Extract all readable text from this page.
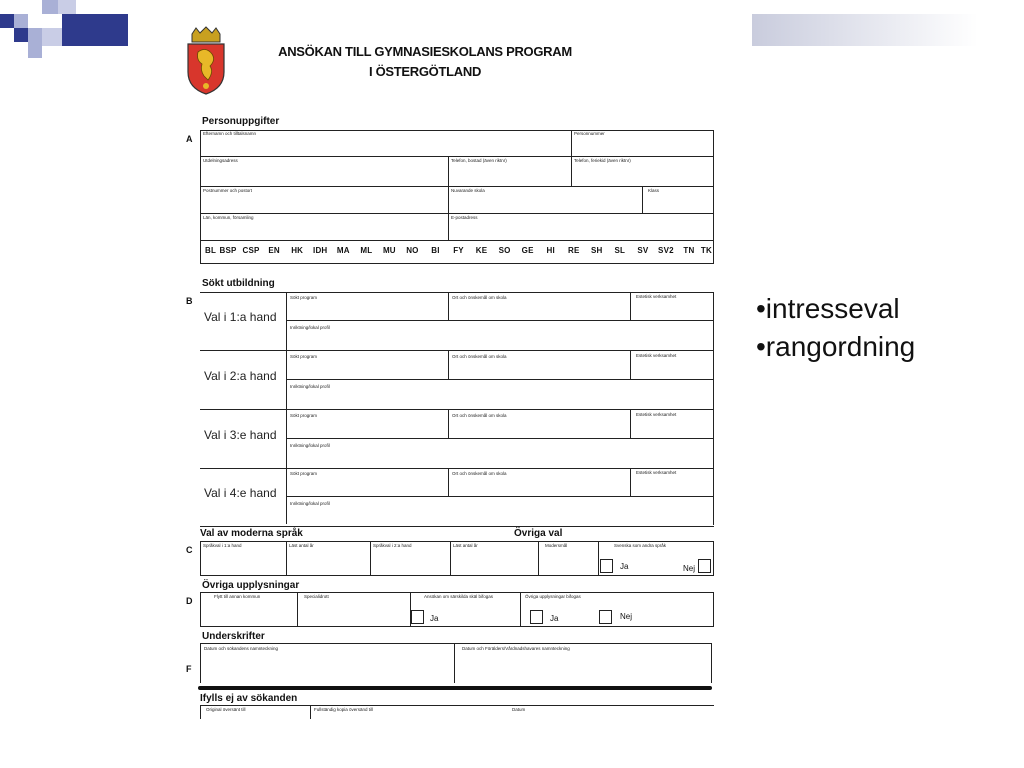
ANSÖKAN TILL GYMNASIESKOLANS PROGRAM
I ÖSTERGÖTLAND
Personuppgifter
A
Efternamn och tilltalsnamn	Personnummer
Utdelningsadress	Telefon, bostad (även riktnr)	Telefon, feriekid (även riktnr)
Postnummer och postort	Nuvarande skola	Klass
Län, kommun, församling	E-postadress
BL BSP CSP EN HK IDH MA ML MU NO BI FY KE SO GE HI RE SH SL SV SV2 TN TK
Sökt utbildning
B
Val i 1:a hand
Sökt program	Ort och önskemål om skola	Estetisk verksamhet
Inriktning/lokal profil
Val i 2:a hand
Sökt program	Ort och önskemål om skola	Estetisk verksamhet
Inriktning/lokal profil
Val i 3:e hand
Sökt program	Ort och önskemål om skola	Estetisk verksamhet
Inriktning/lokal profil
Val i 4:e hand
Sökt program	Ort och önskemål om skola	Estetisk verksamhet
Inriktning/lokal profil
Val av moderna språk	Övriga val
C Språkval i 1:a hand	Läst antal år	Språkval i 2:a hand	Läst antal år	Modersmål	Svenska som andra språk
Ja	Nej
Övriga upplysningar
D	Flytt till annan kommun	Specialidrott	Ansökan om särskilda skäl bifogas	Övriga upplysningar bifogas
Ja	Ja	Nej
Underskrifter
F
Datum och sökandens namnteckning	Datum och Förälders/Vårdnadshavares namnteckning
Ifylls ej av sökanden
Original översänt till	Fullständig kopia översänd till	Datum
•intresseval
•rangordning
